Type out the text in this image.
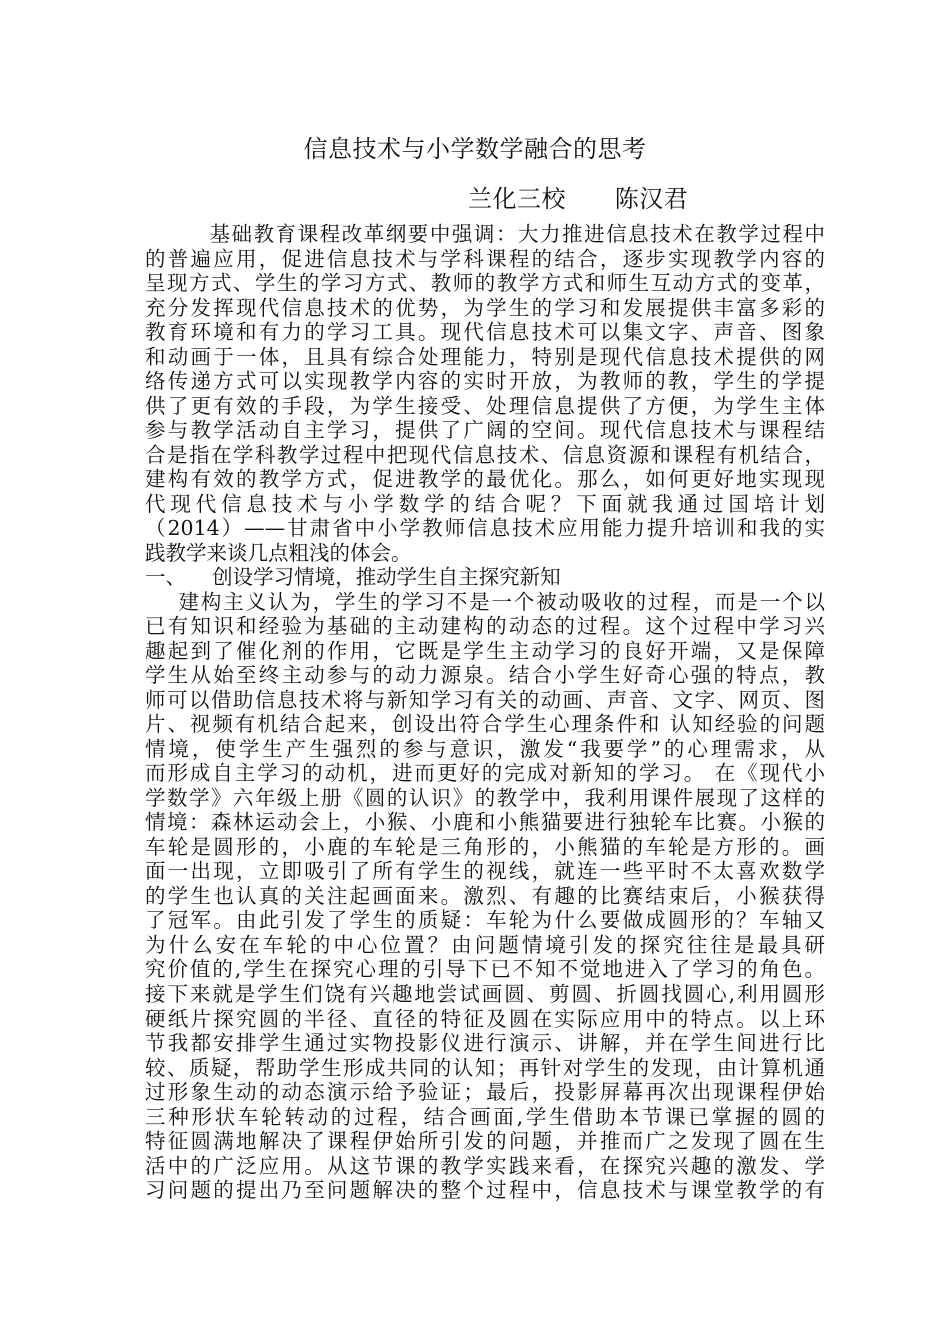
信息技术与小学数学融合的思考
兰化三校      陈汉君
基础教育课程改革纲要中强调：大力推进信息技术在教学过程中
的普遍应用，促进信息技术与学科课程的结合，逐步实现教学内容的
呈现方式、学生的学习方式、教师的教学方式和师生互动方式的变革，
充分发挥现代信息技术的优势，为学生的学习和发展提供丰富多彩的
教育环境和有力的学习工具。现代信息技术可以集文字、声音、图象
和动画于一体，且具有综合处理能力，特别是现代信息技术提供的网
络传递方式可以实现教学内容的实时开放，为教师的教，学生的学提
供了更有效的手段，为学生接受、处理信息提供了方便，为学生主体
参与教学活动自主学习，提供了广阔的空间。现代信息技术与课程结
合是指在学科教学过程中把现代信息技术、信息资源和课程有机结合，
建构有效的教学方式，促进教学的最优化。那么，如何更好地实现现
代现代信息技术与小学数学的结合呢？下面就我通过国培计划
（2014）——甘肃省中小学教师信息技术应用能力提升培训和我的实
践教学来谈几点粗浅的体会。
一、    创设学习情境，推动学生自主探究新知
建构主义认为，学生的学习不是一个被动吸收的过程，而是一个以
已有知识和经验为基础的主动建构的动态的过程。这个过程中学习兴
趣起到了催化剂的作用，它既是学生主动学习的良好开端，又是保障
学生从始至终主动参与的动力源泉。结合小学生好奇心强的特点，教
师可以借助信息技术将与新知学习有关的动画、声音、文字、网页、图
片、视频有机结合起来，创设出符合学生心理条件和 认知经验的问题
情境，使学生产生强烈的参与意识，激发“我要学”的心理需求，从
而形成自主学习的动机，进而更好的完成对新知的学习。 在《现代小
学数学》六年级上册《圆的认识》的教学中，我利用课件展现了这样的
情境：森林运动会上，小猴、小鹿和小熊猫要进行独轮车比赛。小猴的
车轮是圆形的，小鹿的车轮是三角形的，小熊猫的车轮是方形的。画
面一出现，立即吸引了所有学生的视线，就连一些平时不太喜欢数学
的学生也认真的关注起画面来。激烈、有趣的比赛结束后，小猴获得
了冠军。由此引发了学生的质疑：车轮为什么要做成圆形的？车轴又
为什么安在车轮的中心位置？由问题情境引发的探究往往是最具研
究价值的,学生在探究心理的引导下已不知不觉地进入了学习的角色。
接下来就是学生们饶有兴趣地尝试画圆、剪圆、折圆找圆心,利用圆形
硬纸片探究圆的半径、直径的特征及圆在实际应用中的特点。以上环
节我都安排学生通过实物投影仪进行演示、讲解，并在学生间进行比
较、质疑，帮助学生形成共同的认知；再针对学生的发现，由计算机通
过形象生动的动态演示给予验证；最后，投影屏幕再次出现课程伊始
三种形状车轮转动的过程，结合画面,学生借助本节课已掌握的圆的
特征圆满地解决了课程伊始所引发的问题，并推而广之发现了圆在生
活中的广泛应用。从这节课的教学实践来看，在探究兴趣的激发、学
习问题的提出乃至问题解决的整个过程中，信息技术与课堂教学的有
